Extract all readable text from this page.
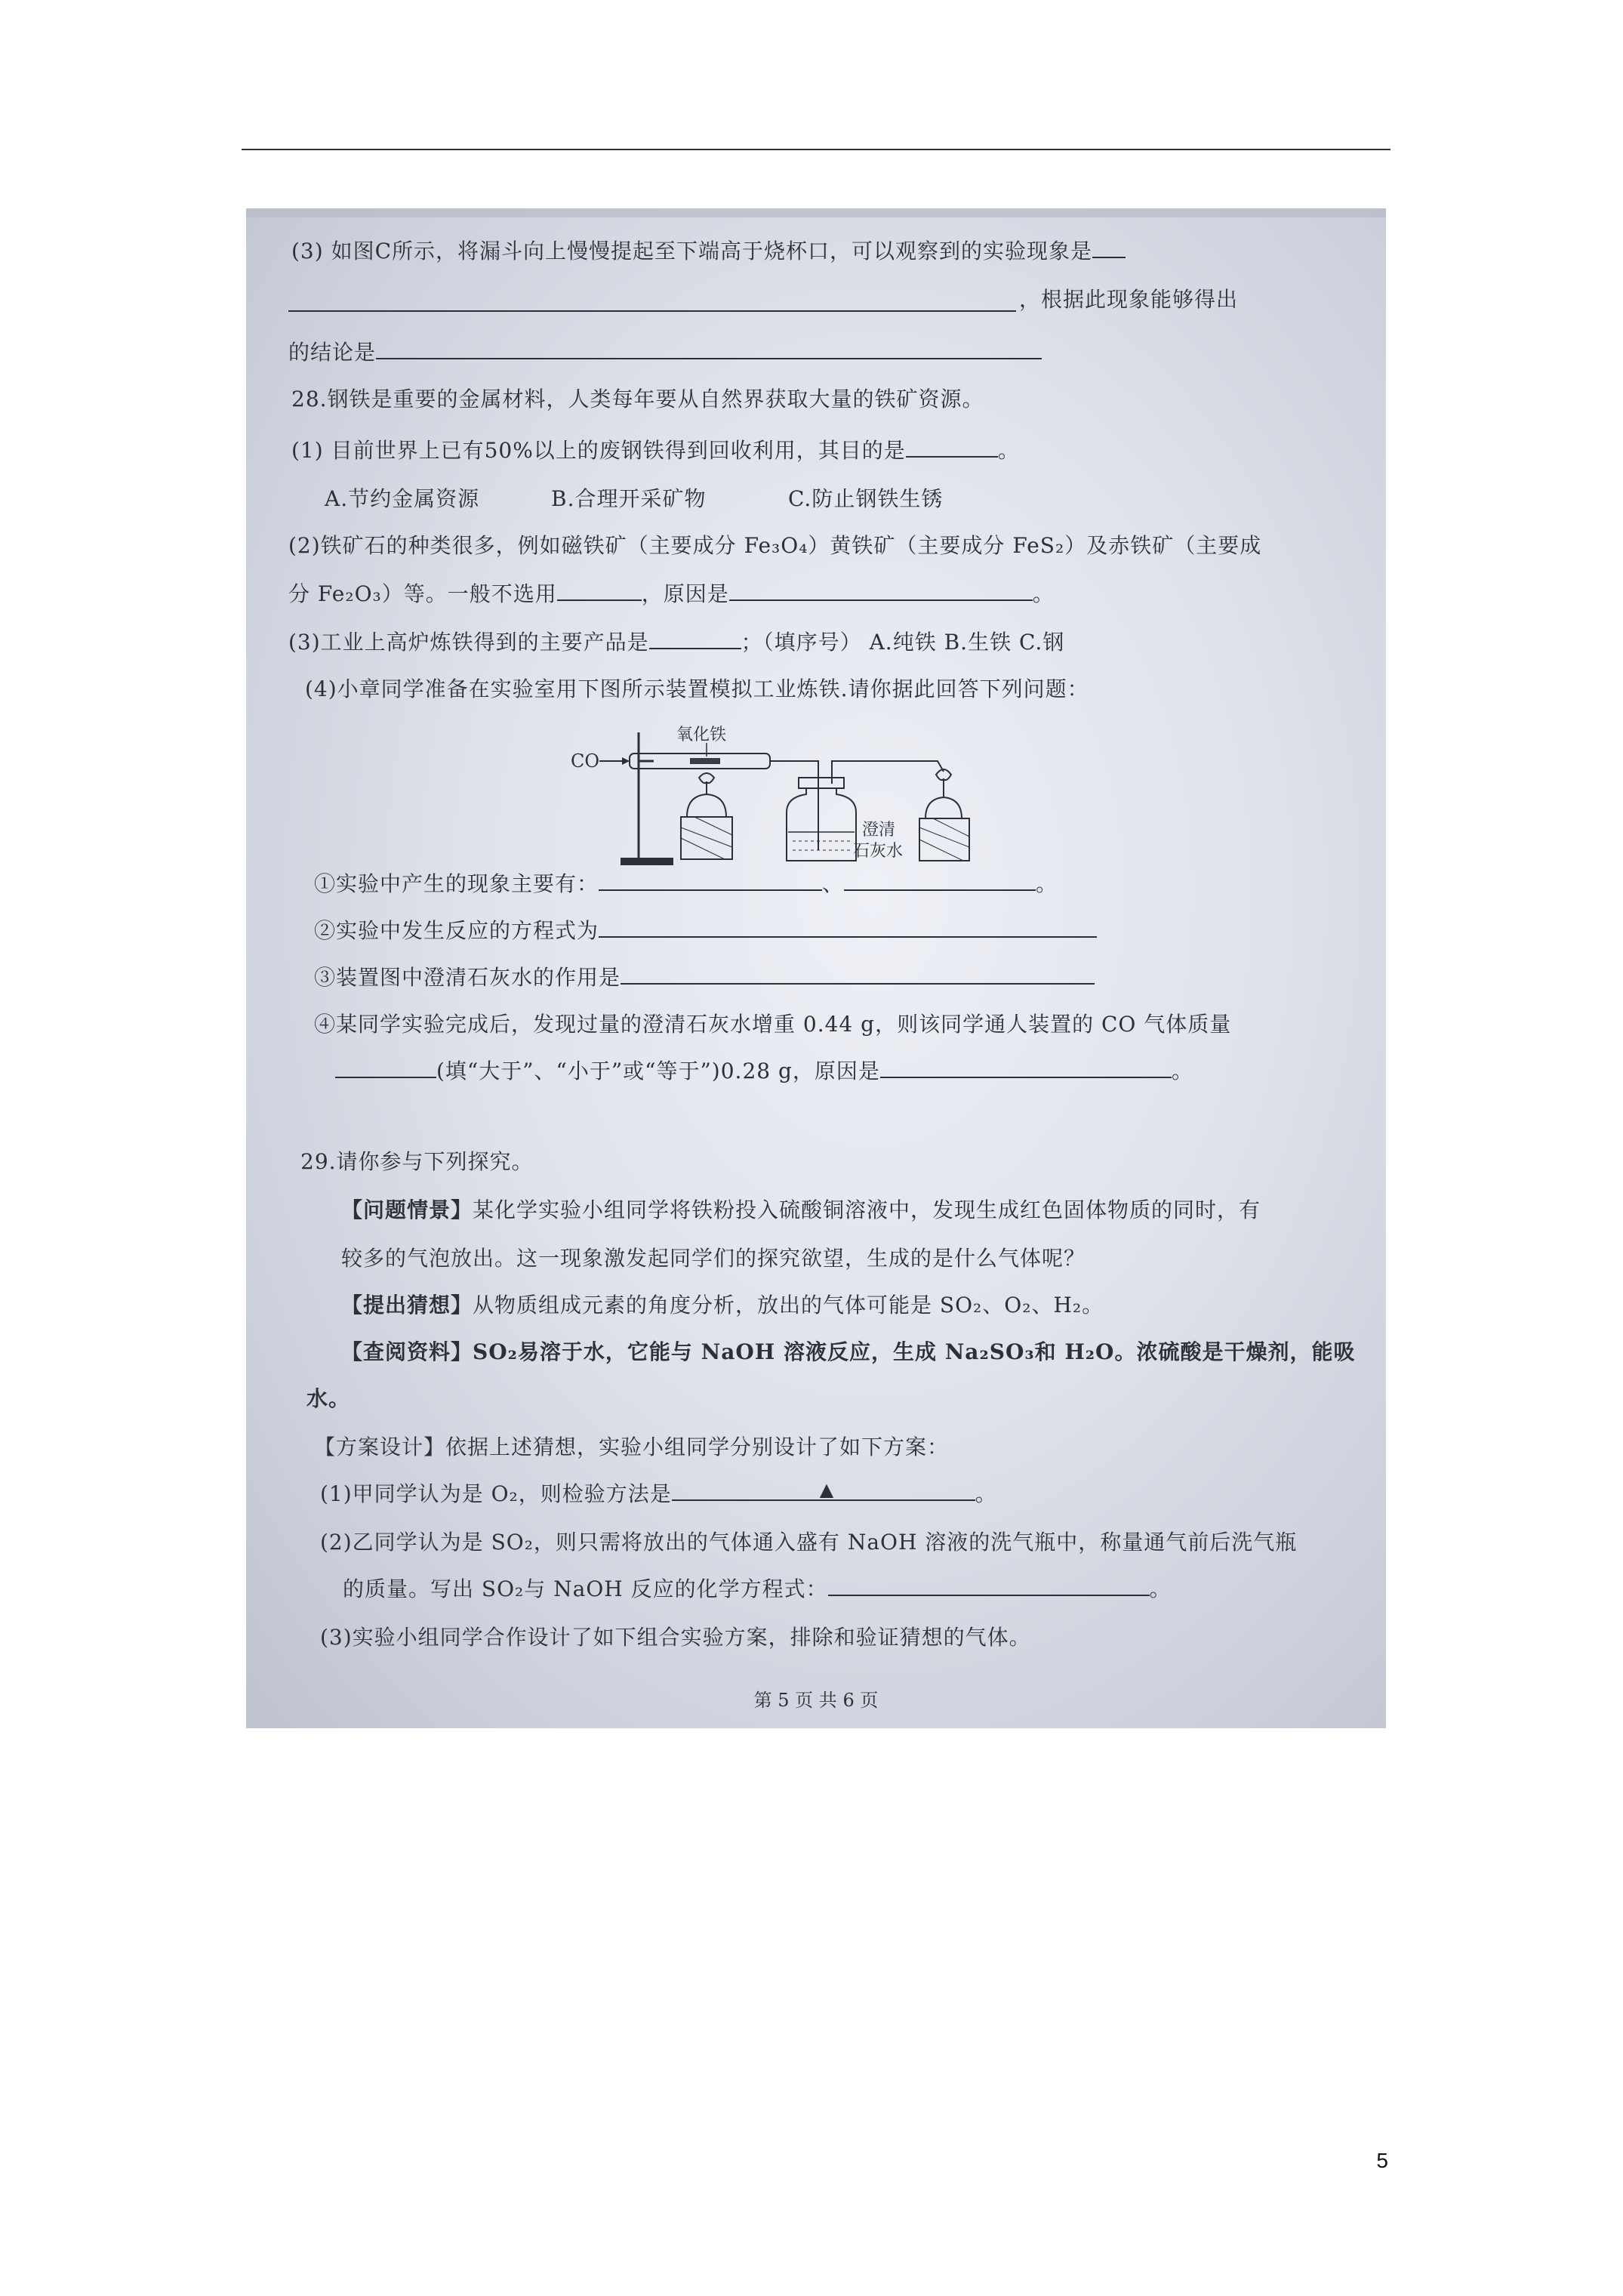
(3) 如图C所示，将漏斗向上慢慢提起至下端高于烧杯口，可以观察到的实验现象是
，根据此现象能够得出
的结论是
28.钢铁是重要的金属材料，人类每年要从自然界获取大量的铁矿资源。
(1) 目前世界上已有50%以上的废钢铁得到回收利用，其目的是	。
A.节约金属资源	B.合理开采矿物	C.防止钢铁生锈
(2)铁矿石的种类很多，例如磁铁矿（主要成分 Fe₃O₄）黄铁矿（主要成分 FeS₂）及赤铁矿（主要成
分 Fe₂O₃）等。一般不选用	，原因是	。
(3)工业上高炉炼铁得到的主要产品是	；（填序号） A.纯铁 B.生铁 C.钢
(4)小章同学准备在实验室用下图所示装置模拟工业炼铁.请你据此回答下列问题：
CO
氧化铁
澄清
石灰水
①实验中产生的现象主要有：	、	。
②实验中发生反应的方程式为
③装置图中澄清石灰水的作用是
④某同学实验完成后，发现过量的澄清石灰水增重 0.44 g，则该同学通人装置的 CO 气体质量
(填“大于”、“小于”或“等于”)0.28 g，原因是	。
29.请你参与下列探究。
【问题情景】某化学实验小组同学将铁粉投入硫酸铜溶液中，发现生成红色固体物质的同时，有
较多的气泡放出。这一现象激发起同学们的探究欲望，生成的是什么气体呢？
【提出猜想】从物质组成元素的角度分析，放出的气体可能是 SO₂、O₂、H₂。
【查阅资料】SO₂易溶于水，它能与 NaOH 溶液反应，生成 Na₂SO₃和 H₂O。浓硫酸是干燥剂，能吸
水。
【方案设计】依据上述猜想，实验小组同学分别设计了如下方案：
(1)甲同学认为是 O₂，则检验方法是	▲	。
(2)乙同学认为是 SO₂，则只需将放出的气体通入盛有 NaOH 溶液的洗气瓶中，称量通气前后洗气瓶
的质量。写出 SO₂与 NaOH 反应的化学方程式：	。
(3)实验小组同学合作设计了如下组合实验方案，排除和验证猜想的气体。
第 5 页 共 6 页
5
